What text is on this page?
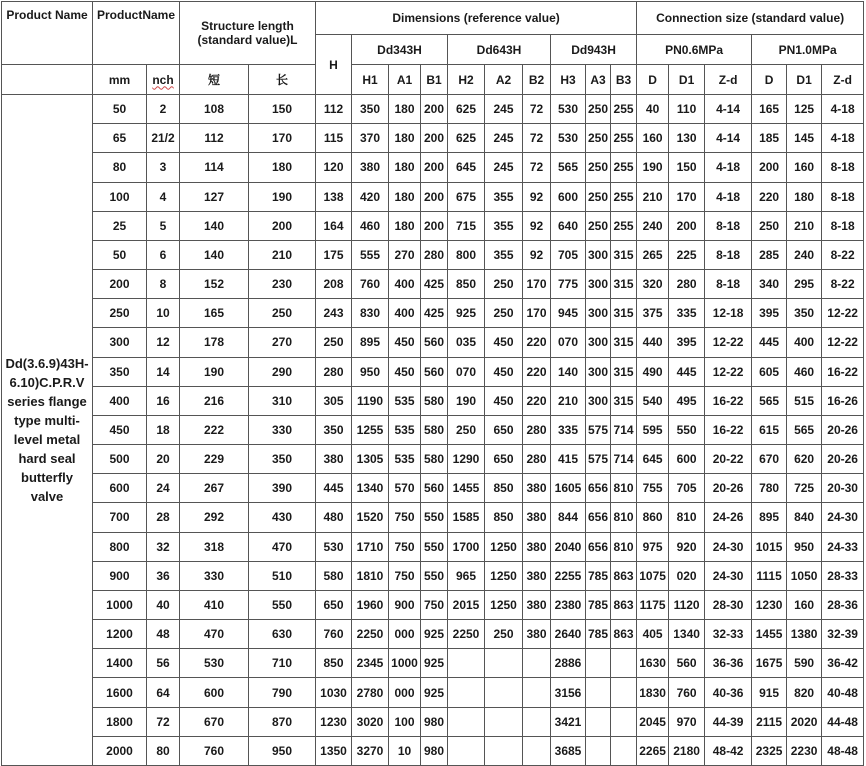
Product Name	ProductName		Structure length (standard value)L		Dimensions (reference value)										Connection size (standard value)					
					H	Dd343H			Dd643H			Dd943H			PN0.6MPa			PN1.0MPa		
	mm	nch	短	长		H1	A1	B1	H2	A2	B2	H3	A3	B3	D	D1	Z-d	D	D1	Z-d
Dd(3.6.9)43H-6.10)C.P.R.V series flange type multi-level metal hard seal butterfly valve	50	2	108	150	112	350	180	200	625	245	72	530	250	255	40	110	4-14	165	125	4-18
	65	21/2	112	170	115	370	180	200	625	245	72	530	250	255	160	130	4-14	185	145	4-18
	80	3	114	180	120	380	180	200	645	245	72	565	250	255	190	150	4-18	200	160	8-18
	100	4	127	190	138	420	180	200	675	355	92	600	250	255	210	170	4-18	220	180	8-18
	25	5	140	200	164	460	180	200	715	355	92	640	250	255	240	200	8-18	250	210	8-18
	50	6	140	210	175	555	270	280	800	355	92	705	300	315	265	225	8-18	285	240	8-22
	200	8	152	230	208	760	400	425	850	250	170	775	300	315	320	280	8-18	340	295	8-22
	250	10	165	250	243	830	400	425	925	250	170	945	300	315	375	335	12-18	395	350	12-22
	300	12	178	270	250	895	450	560	035	450	220	070	300	315	440	395	12-22	445	400	12-22
	350	14	190	290	280	950	450	560	070	450	220	140	300	315	490	445	12-22	605	460	16-22
	400	16	216	310	305	1190	535	580	190	450	220	210	300	315	540	495	16-22	565	515	16-26
	450	18	222	330	350	1255	535	580	250	650	280	335	575	714	595	550	16-22	615	565	20-26
	500	20	229	350	380	1305	535	580	1290	650	280	415	575	714	645	600	20-22	670	620	20-26
	600	24	267	390	445	1340	570	560	1455	850	380	1605	656	810	755	705	20-26	780	725	20-30
	700	28	292	430	480	1520	750	550	1585	850	380	844	656	810	860	810	24-26	895	840	24-30
	800	32	318	470	530	1710	750	550	1700	1250	380	2040	656	810	975	920	24-30	1015	950	24-33
	900	36	330	510	580	1810	750	550	965	1250	380	2255	785	863	1075	020	24-30	1115	1050	28-33
	1000	40	410	550	650	1960	900	750	2015	1250	380	2380	785	863	1175	1120	28-30	1230	160	28-36
	1200	48	470	630	760	2250	000	925	2250	250	380	2640	785	863	405	1340	32-33	1455	1380	32-39
	1400	56	530	710	850	2345	1000	925				2886			1630	560	36-36	1675	590	36-42
	1600	64	600	790	1030	2780	000	925				3156			1830	760	40-36	915	820	40-48
	1800	72	670	870	1230	3020	100	980				3421			2045	970	44-39	2115	2020	44-48
	2000	80	760	950	1350	3270	10	980				3685			2265	2180	48-42	2325	2230	48-48
